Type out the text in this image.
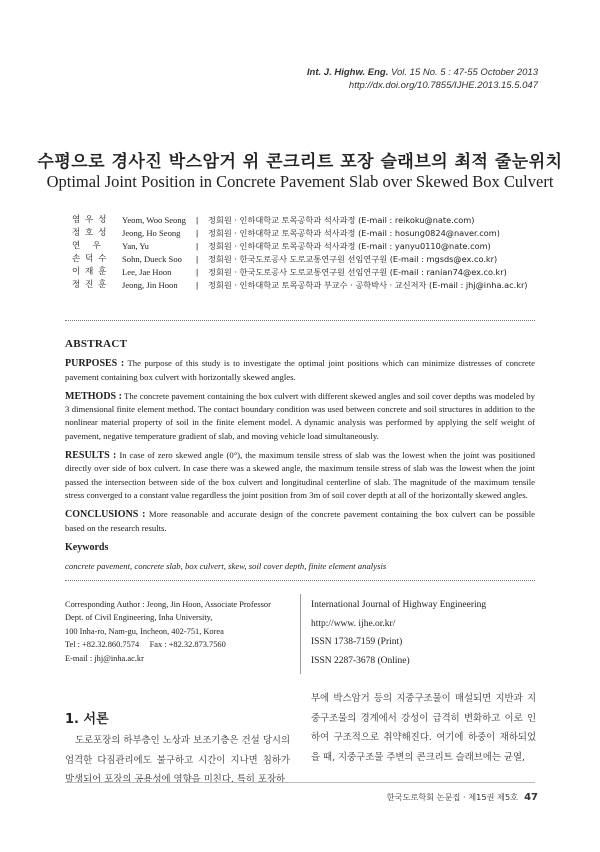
Int. J. Highw. Eng. Vol. 15 No. 5 : 47-55 October 2013
http://dx.doi.org/10.7855/IJHE.2013.15.5.047
수평으로 경사진 박스암거 위 콘크리트 포장 슬래브의 최적 줄눈위치
Optimal Joint Position in Concrete Pavement Slab over Skewed Box Culvert
염 우 성	Yeom, Woo Seong	|	정회원 · 인하대학교 토목공학과 석사과정 (E-mail : reikoku@nate.com)
정 호 성	Jeong, Ho Seong	|	정회원 · 인하대학교 토목공학과 석사과정 (E-mail : hosung0824@naver.com)
연   우	Yan, Yu	|	정회원 · 인하대학교 토목공학과 석사과정 (E-mail : yanyu0110@nate.com)
손 덕 수	Sohn, Dueck Soo	|	정회원 · 한국도로공사 도로교통연구원 선임연구원 (E-mail : mgsds@ex.co.kr)
이 재 훈	Lee, Jae Hoon	|	정회원 · 한국도로공사 도로교통연구원 선임연구원 (E-mail : ranian74@ex.co.kr)
정 진 훈	Jeong, Jin Hoon	|	정회원 · 인하대학교 토목공학과 부교수 · 공학박사 · 교신저자 (E-mail : jhj@inha.ac.kr)
ABSTRACT

PURPOSES : The purpose of this study is to investigate the optimal joint positions which can minimize distresses of concrete pavement containing box culvert with horizontally skewed angles.

METHODS : The concrete pavement containing the box culvert with different skewed angles and soil cover depths was modeled by 3 dimensional finite element method. The contact boundary condition was used between concrete and soil structures in addition to the nonlinear material property of soil in the finite element model. A dynamic analysis was performed by applying the self weight of pavement, negative temperature gradient of slab, and moving vehicle load simultaneously.

RESULTS : In case of zero skewed angle (0°), the maximum tensile stress of slab was the lowest when the joint was positioned directly over side of box culvert. In case there was a skewed angle, the maximum tensile stress of slab was the lowest when the joint passed the intersection between side of the box culvert and longitudinal centerline of slab. The magnitude of the maximum tensile stress converged to a constant value regardless the joint position from 3m of soil cover depth at all of the horizontally skewed angles.

CONCLUSIONS : More reasonable and accurate design of the concrete pavement containing the box culvert can be possible based on the research results.

Keywords

concrete pavement, concrete slab, box culvert, skew, soil cover depth, finite element analysis

Corresponding Author : Jeong, Jin Hoon, Associate Professor
Dept. of Civil Engineering, Inha University,
100 Inha-ro, Nam-gu, Incheon, 402-751, Korea
Tel : +82.32.860.7574     Fax : +82.32.873.7560
E-mail : jhj@inha.ac.kr
International Journal of Highway Engineering
http://www. ijhe.or.kr/
ISSN 1738-7159 (Print)
ISSN 2287-3678 (Online)
1. 서론
도로포장의 하부층인 노상과 보조기층은 건설 당시의 엄격한 다짐관리에도 불구하고 시간이 지나면 침하가 발생되어 포장의 공용성에 영향을 미친다. 특히 포장하
부에 박스암거 등의 지중구조물이 매설되면 지반과 지중구조물의 경계에서 강성이 급격히 변화하고 이로 인하여 구조적으로 취약해진다. 여기에 하중이 재하되었을 때, 지중구조물 주변의 콘크리트 슬래브에는 균열,
한국도로학회 논문집 · 제15권 제5호 47
